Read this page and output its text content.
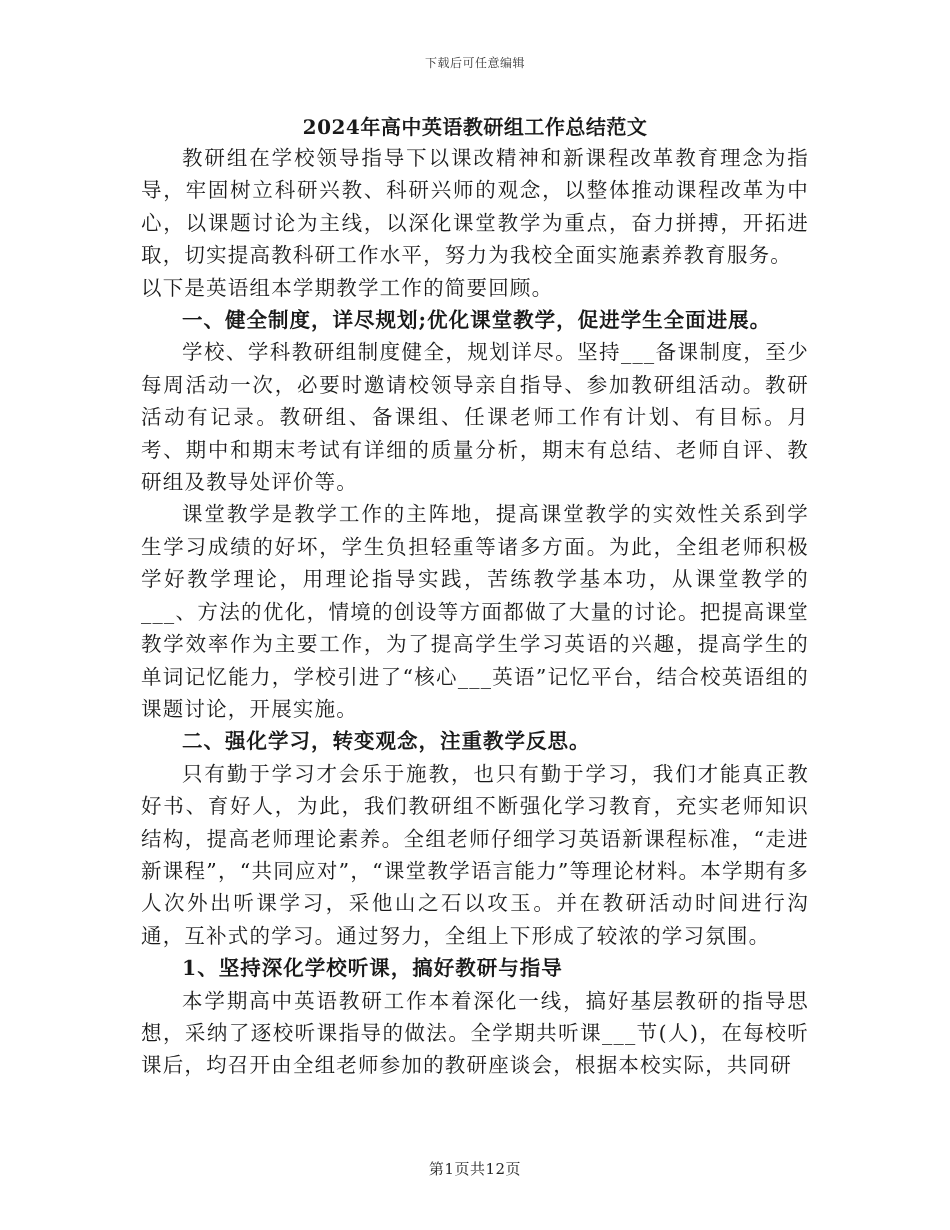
下载后可任意编辑
2024年高中英语教研组工作总结范文

教研组在学校领导指导下以课改精神和新课程改革教育理念为指导，牢固树立科研兴教、科研兴师的观念，以整体推动课程改革为中心，以课题讨论为主线，以深化课堂教学为重点，奋力拼搏，开拓进取，切实提高教科研工作水平，努力为我校全面实施素养教育服务。

以下是英语组本学期教学工作的简要回顾。

一、健全制度，详尽规划;优化课堂教学，促进学生全面进展。

学校、学科教研组制度健全，规划详尽。坚持___备课制度，至少每周活动一次，必要时邀请校领导亲自指导、参加教研组活动。教研活动有记录。教研组、备课组、任课老师工作有计划、有目标。月考、期中和期末考试有详细的质量分析，期末有总结、老师自评、教研组及教导处评价等。

课堂教学是教学工作的主阵地，提高课堂教学的实效性关系到学生学习成绩的好坏，学生负担轻重等诸多方面。为此，全组老师积极学好教学理论，用理论指导实践，苦练教学基本功，从课堂教学的___、方法的优化，情境的创设等方面都做了大量的讨论。把提高课堂教学效率作为主要工作，为了提高学生学习英语的兴趣，提高学生的单词记忆能力，学校引进了“核心___英语”记忆平台，结合校英语组的课题讨论，开展实施。

二、强化学习，转变观念，注重教学反思。

只有勤于学习才会乐于施教，也只有勤于学习，我们才能真正教好书、育好人，为此，我们教研组不断强化学习教育，充实老师知识结构，提高老师理论素养。全组老师仔细学习英语新课程标准，“走进新课程”，“共同应对”，“课堂教学语言能力”等理论材料。本学期有多人次外出听课学习，采他山之石以攻玉。并在教研活动时间进行沟通，互补式的学习。通过努力，全组上下形成了较浓的学习氛围。

1、坚持深化学校听课，搞好教研与指导

本学期高中英语教研工作本着深化一线，搞好基层教研的指导思想，采纳了逐校听课指导的做法。全学期共听课___节(人)，在每校听课后，均召开由全组老师参加的教研座谈会，根据本校实际，共同研

第1页共12页
